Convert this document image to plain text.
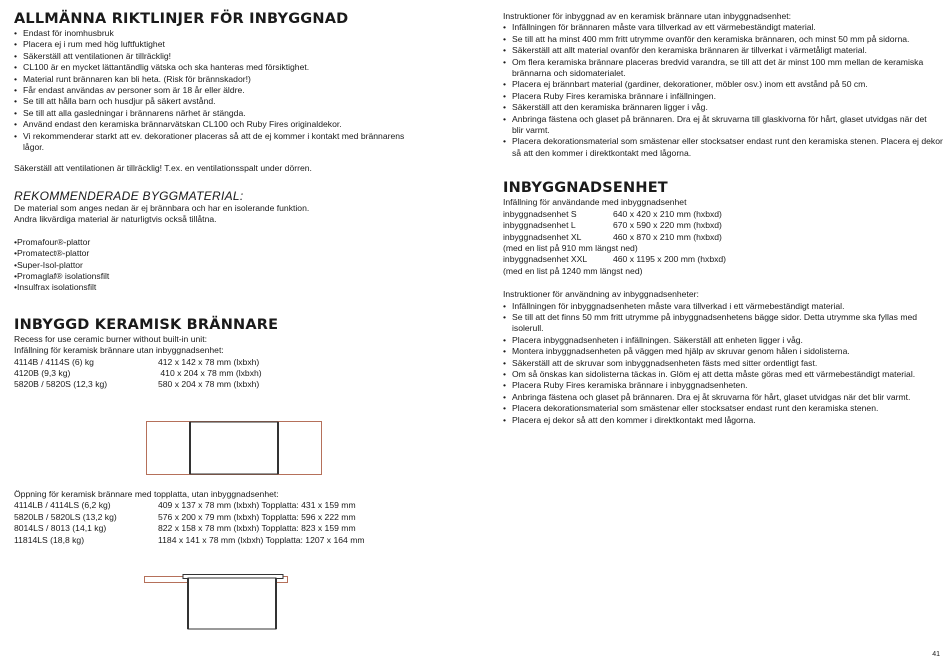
ALLMÄNNA RIKTLINJER FÖR INBYGGNAD
• Endast för inomhusbruk
• Placera ej i rum med hög luftfuktighet
• Säkerställ att ventilationen är tillräcklig!
• CL100 är en mycket lättantändlig vätska och ska hanteras med försiktighet.
• Material runt brännaren kan bli heta. (Risk för brännskador!)
• Får endast användas av personer som är 18 år eller äldre.
• Se till att hålla barn och husdjur på säkert avstånd.
• Se till att alla gasledningar i brännarens närhet är stängda.
• Använd endast den keramiska brännarvätskan CL100 och Ruby Fires originaldekor.
• Vi rekommenderar starkt att ev. dekorationer placeras så att de ej kommer i kontakt med brännarens lågor.

Säkerställ att ventilationen är tillräcklig! T.ex. en ventilationsspalt under dörren.

REKOMMENDERADE BYGGMATERIAL:

De material som anges nedan är ej brännbara och har en isolerande funktion.

Andra likvärdiga material är naturligtvis också tillåtna.

•Promafour®-plattor
•Promatect®-plattor
•Super-Isol-plattor
•Promaglaf® isolationsfilt
•Insulfrax isolationsfilt
INBYGGD KERAMISK BRÄNNARE

Recess for use ceramic burner without built-in unit:

Infällning för keramisk brännare utan inbyggnadsenhet:

4114B / 4114S (6) kg	412 x 142 x 78 mm (lxbxh)
4120B (9,3 kg)	410 x 204 x 78 mm (lxbxh)
5820B / 5820S (12,3 kg)	580 x 204 x 78 mm (lxbxh)

Öppning för keramisk brännare med topplatta, utan inbyggnadsenhet:

4114LB / 4114LS (6,2 kg)	409 x 137 x 78 mm (lxbxh) Topplatta: 431 x 159 mm
5820LB / 5820LS (13,2 kg)	576 x 200 x 79 mm (lxbxh) Topplatta: 596 x 222 mm
8014LS / 8013 (14,1 kg)	822 x 158 x 78 mm (lxbxh) Topplatta: 823 x 159 mm
11814LS (18,8 kg)	1184 x 141 x 78 mm (lxbxh) Topplatta: 1207 x 164 mm

Instruktioner för inbyggnad av en keramisk brännare utan inbyggnadsenhet:

• Infällningen för brännaren måste vara tillverkad av ett värmebeständigt material.
• Se till att ha minst 400 mm fritt utrymme ovanför den keramiska brännaren, och minst 50 mm på sidorna.
• Säkerställ att allt material ovanför den keramiska brännaren är tillverkat i värmetåligt material.
• Om flera keramiska brännare placeras bredvid varandra, se till att det är minst 100 mm mellan de keramiska brännarna och sidomaterialet.
• Placera ej brännbart material (gardiner, dekorationer, möbler osv.) inom ett avstånd på 50 cm.
• Placera Ruby Fires keramiska brännare i infällningen.
• Säkerställ att den keramiska brännaren ligger i våg.
• Anbringa fästena och glaset på brännaren. Dra ej åt skruvarna till glaskivorna för hårt, glaset utvidgas när det blir varmt.
• Placera dekorationsmaterial som smästenar eller stocksatser endast runt den keramiska stenen. Placera ej dekor så att den kommer i direktkontakt med lågorna.
INBYGGNADSENHET

Infällning för användande med inbyggnadsenhet

inbyggnadsenhet S	640 x 420 x 210 mm (hxbxd)
inbyggnadsenhet L	670 x 590 x 220 mm (hxbxd)
inbyggnadsenhet XL	460 x 870 x 210 mm (hxbxd)

(med en list på 910 mm längst ned)

inbyggnadsenhet XXL	460 x 1195 x 200 mm (hxbxd)

(med en list på 1240 mm längst ned)

Instruktioner för användning av inbyggnadsenheter:

• Infällningen för inbyggnadsenheten måste vara tillverkad i ett värmebeständigt material.
• Se till att det finns 50 mm fritt utrymme på inbyggnadsenhetens bägge sidor. Detta utrymme ska fyllas med isolerull.
• Placera inbyggnadsenheten i infällningen. Säkerställ att enheten ligger i våg.
• Montera inbyggnadsenheten på väggen med hjälp av skruvar genom hålen i sidolisterna.
• Säkerställ att de skruvar som inbyggnadsenheten fästs med sitter ordentligt fast.
• Om så önskas kan sidolisterna täckas in. Glöm ej att detta måste göras med ett värmebeständigt material.
• Placera Ruby Fires keramiska brännare i inbyggnadsenheten.
• Anbringa fästena och glaset på brännaren. Dra ej åt skruvarna för hårt, glaset utvidgas när det blir varmt.
• Placera dekorationsmaterial som smästenar eller stocksatser endast runt den keramiska stenen.
• Placera ej dekor så att den kommer i direktkontakt med lågorna.
41
